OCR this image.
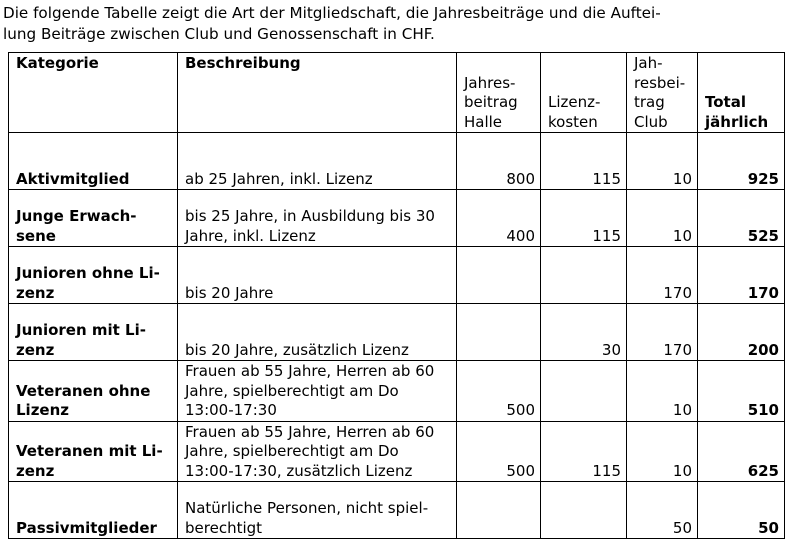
Die folgende Tabelle zeigt die Art der Mitgliedschaft, die Jahresbeiträge und die Auftei-
lung Beiträge zwischen Club und Genossenschaft in CHF.

Kategorie	Beschreibung	Jahres-
beitrag
Halle	Lizenz-
kosten	Jah-
resbei-
trag
Club	Total
jährlich

Aktivmitglied	ab 25 Jahren, inkl. Lizenz	800	115	10	925

Junge Erwach-
sene	bis 25 Jahre, in Ausbildung bis 30
Jahre, inkl. Lizenz	400	115	10	525

Junioren ohne Li-
zenz	bis 20 Jahre			170	170

Junioren mit Li-
zenz	bis 20 Jahre, zusätzlich Lizenz		30	170	200

Veteranen ohne
Lizenz	Frauen ab 55 Jahre, Herren ab 60
Jahre, spielberechtigt am Do
13:00-17:30	500		10	510

Veteranen mit Li-
zenz	Frauen ab 55 Jahre, Herren ab 60
Jahre, spielberechtigt am Do
13:00-17:30, zusätzlich Lizenz	500	115	10	625

Passivmitglieder	Natürliche Personen, nicht spiel-
berechtigt			50	50
